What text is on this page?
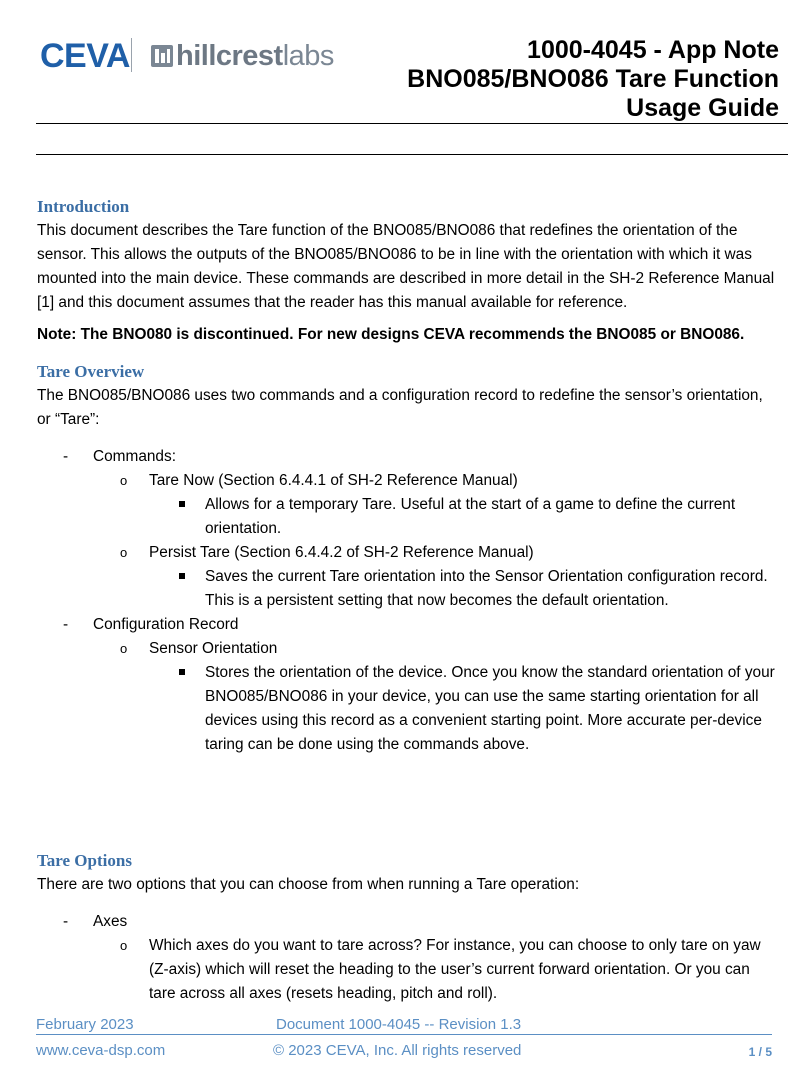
CEVA hillcrestlabs	1000-4045 - App Note
BNO085/BNO086 Tare Function
Usage Guide
Introduction

This document describes the Tare function of the BNO085/BNO086 that redefines the orientation of the sensor. This allows the outputs of the BNO085/BNO086 to be in line with the orientation with which it was mounted into the main device. These commands are described in more detail in the SH-2 Reference Manual [1] and this document assumes that the reader has this manual available for reference.

Note: The BNO080 is discontinued. For new designs CEVA recommends the BNO085 or BNO086.

Tare Overview

The BNO085/BNO086 uses two commands and a configuration record to redefine the sensor’s orientation, or “Tare”:

- Commands:
o Tare Now (Section 6.4.4.1 of SH-2 Reference Manual)
Allows for a temporary Tare. Useful at the start of a game to define the current orientation.
o Persist Tare (Section 6.4.4.2 of SH-2 Reference Manual)
Saves the current Tare orientation into the Sensor Orientation configuration record. This is a persistent setting that now becomes the default orientation.
- Configuration Record
o Sensor Orientation
Stores the orientation of the device. Once you know the standard orientation of your BNO085/BNO086 in your device, you can use the same starting orientation for all devices using this record as a convenient starting point. More accurate per-device taring can be done using the commands above.
Tare Options

There are two options that you can choose from when running a Tare operation:

- Axes
o Which axes do you want to tare across? For instance, you can choose to only tare on yaw (Z-axis) which will reset the heading to the user’s current forward orientation. Or you can tare across all axes (resets heading, pitch and roll).
February 2023	Document 1000-4045 -- Revision 1.3
www.ceva-dsp.com	© 2023 CEVA, Inc. All rights reserved	1 / 5
